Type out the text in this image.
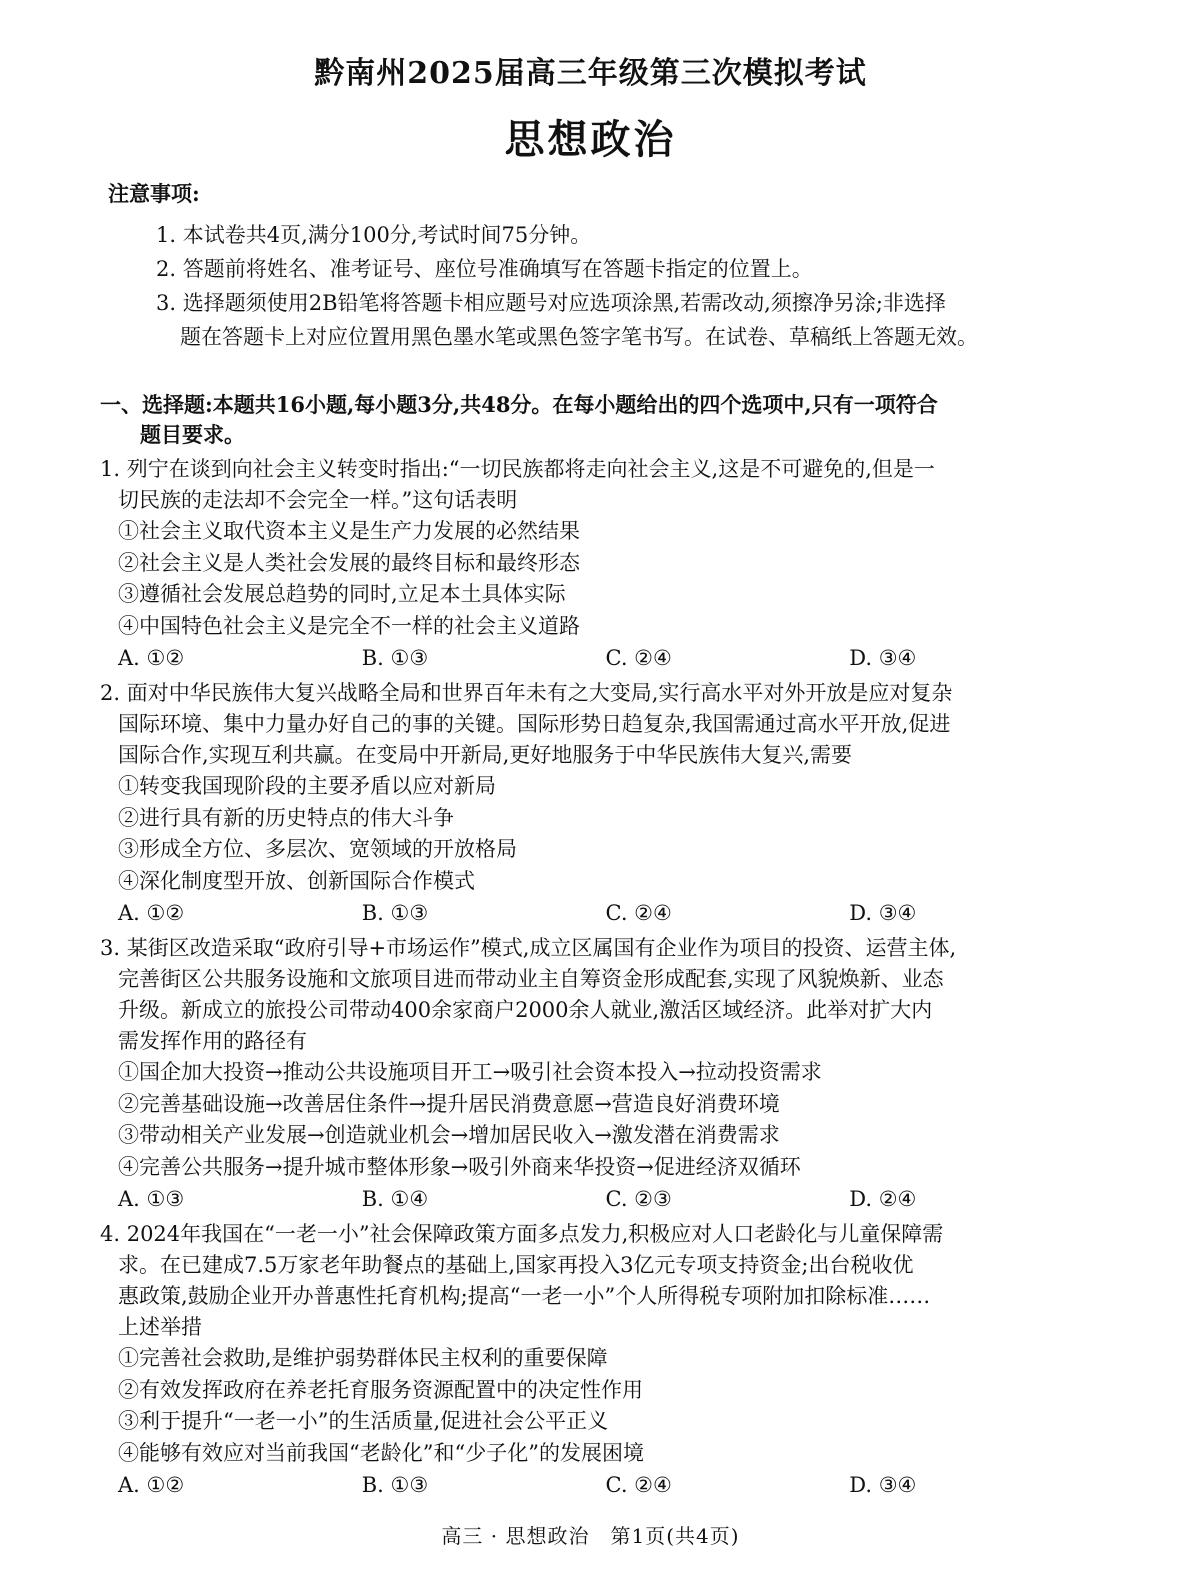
黔南州2025届高三年级第三次模拟考试
思想政治
注意事项:
1. 本试卷共4页,满分100分,考试时间75分钟。
2. 答题前将姓名、准考证号、座位号准确填写在答题卡指定的位置上。
3. 选择题须使用2B铅笔将答题卡相应题号对应选项涂黑,若需改动,须擦净另涂;非选择
题在答题卡上对应位置用黑色墨水笔或黑色签字笔书写。在试卷、草稿纸上答题无效。
一、选择题:本题共16小题,每小题3分,共48分。在每小题给出的四个选项中,只有一项符合
题目要求。
1. 列宁在谈到向社会主义转变时指出:“一切民族都将走向社会主义,这是不可避免的,但是一
切民族的走法却不会完全一样。”这句话表明
①社会主义取代资本主义是生产力发展的必然结果
②社会主义是人类社会发展的最终目标和最终形态
③遵循社会发展总趋势的同时,立足本土具体实际
④中国特色社会主义是完全不一样的社会主义道路
A. ①②	B. ①③	C. ②④	D. ③④
2. 面对中华民族伟大复兴战略全局和世界百年未有之大变局,实行高水平对外开放是应对复杂
国际环境、集中力量办好自己的事的关键。国际形势日趋复杂,我国需通过高水平开放,促进
国际合作,实现互利共赢。在变局中开新局,更好地服务于中华民族伟大复兴,需要
①转变我国现阶段的主要矛盾以应对新局
②进行具有新的历史特点的伟大斗争
③形成全方位、多层次、宽领域的开放格局
④深化制度型开放、创新国际合作模式
A. ①②	B. ①③	C. ②④	D. ③④
3. 某街区改造采取“政府引导+市场运作”模式,成立区属国有企业作为项目的投资、运营主体,
完善街区公共服务设施和文旅项目进而带动业主自筹资金形成配套,实现了风貌焕新、业态
升级。新成立的旅投公司带动400余家商户2000余人就业,激活区域经济。此举对扩大内
需发挥作用的路径有
①国企加大投资→推动公共设施项目开工→吸引社会资本投入→拉动投资需求
②完善基础设施→改善居住条件→提升居民消费意愿→营造良好消费环境
③带动相关产业发展→创造就业机会→增加居民收入→激发潜在消费需求
④完善公共服务→提升城市整体形象→吸引外商来华投资→促进经济双循环
A. ①③	B. ①④	C. ②③	D. ②④
4. 2024年我国在“一老一小”社会保障政策方面多点发力,积极应对人口老龄化与儿童保障需
求。在已建成7.5万家老年助餐点的基础上,国家再投入3亿元专项支持资金;出台税收优
惠政策,鼓励企业开办普惠性托育机构;提高“一老一小”个人所得税专项附加扣除标准……
上述举措
①完善社会救助,是维护弱势群体民主权利的重要保障
②有效发挥政府在养老托育服务资源配置中的决定性作用
③利于提升“一老一小”的生活质量,促进社会公平正义
④能够有效应对当前我国“老龄化”和“少子化”的发展困境
A. ①②	B. ①③	C. ②④	D. ③④
高三 · 思想政治　第1页(共4页)
